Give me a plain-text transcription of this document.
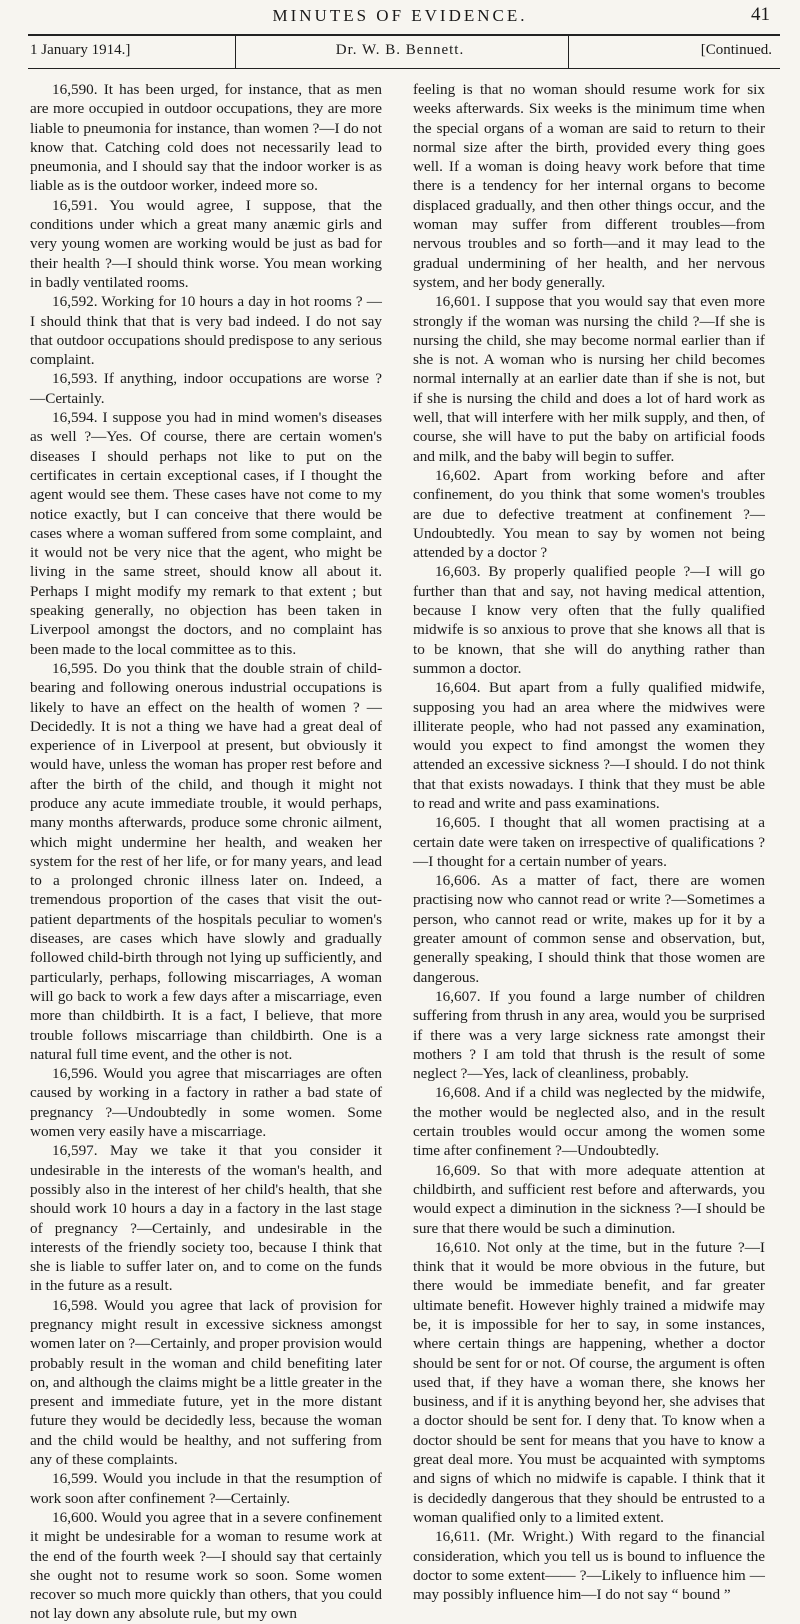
MINUTES OF EVIDENCE.	41
1 January 1914.]	Dr. W. B. Bennett.	[Continued.

16,590. It has been urged, for instance, that as men are more occupied in outdoor occupations, they are more liable to pneumonia for instance, than women ?—I do not know that. Catching cold does not necessarily lead to pneumonia, and I should say that the indoor worker is as liable as is the outdoor worker, indeed more so.

16,591. You would agree, I suppose, that the conditions under which a great many anæmic girls and very young women are working would be just as bad for their health ?—I should think worse. You mean working in badly ventilated rooms.

16,592. Working for 10 hours a day in hot rooms ? —I should think that that is very bad indeed. I do not say that outdoor occupations should predispose to any serious complaint.

16,593. If anything, indoor occupations are worse ? —Certainly.

16,594. I suppose you had in mind women's diseases as well ?—Yes. Of course, there are certain women's diseases I should perhaps not like to put on the certificates in certain exceptional cases, if I thought the agent would see them. These cases have not come to my notice exactly, but I can conceive that there would be cases where a woman suffered from some complaint, and it would not be very nice that the agent, who might be living in the same street, should know all about it. Perhaps I might modify my remark to that extent ; but speaking generally, no objection has been taken in Liverpool amongst the doctors, and no complaint has been made to the local committee as to this.

16,595. Do you think that the double strain of child-bearing and following onerous industrial occupations is likely to have an effect on the health of women ? —Decidedly. It is not a thing we have had a great deal of experience of in Liverpool at present, but obviously it would have, unless the woman has proper rest before and after the birth of the child, and though it might not produce any acute immediate trouble, it would perhaps, many months afterwards, produce some chronic ailment, which might undermine her health, and weaken her system for the rest of her life, or for many years, and lead to a prolonged chronic illness later on. Indeed, a tremendous proportion of the cases that visit the out-patient departments of the hospitals peculiar to women's diseases, are cases which have slowly and gradually followed child-birth through not lying up sufficiently, and particularly, perhaps, following miscarriages, A woman will go back to work a few days after a miscarriage, even more than childbirth. It is a fact, I believe, that more trouble follows miscarriage than childbirth. One is a natural full time event, and the other is not.

16,596. Would you agree that miscarriages are often caused by working in a factory in rather a bad state of pregnancy ?—Undoubtedly in some women. Some women very easily have a miscarriage.

16,597. May we take it that you consider it undesirable in the interests of the woman's health, and possibly also in the interest of her child's health, that she should work 10 hours a day in a factory in the last stage of pregnancy ?—Certainly, and undesirable in the interests of the friendly society too, because I think that she is liable to suffer later on, and to come on the funds in the future as a result.

16,598. Would you agree that lack of provision for pregnancy might result in excessive sickness amongst women later on ?—Certainly, and proper provision would probably result in the woman and child benefiting later on, and although the claims might be a little greater in the present and immediate future, yet in the more distant future they would be decidedly less, because the woman and the child would be healthy, and not suffering from any of these complaints.

16,599. Would you include in that the resumption of work soon after confinement ?—Certainly.

16,600. Would you agree that in a severe confinement it might be undesirable for a woman to resume work at the end of the fourth week ?—I should say that certainly she ought not to resume work so soon. Some women recover so much more quickly than others, that you could not lay down any absolute rule, but my own

feeling is that no woman should resume work for six weeks afterwards. Six weeks is the minimum time when the special organs of a woman are said to return to their normal size after the birth, provided every thing goes well. If a woman is doing heavy work before that time there is a tendency for her internal organs to become displaced gradually, and then other things occur, and the woman may suffer from different troubles—from nervous troubles and so forth—and it may lead to the gradual undermining of her health, and her nervous system, and her body generally.

16,601. I suppose that you would say that even more strongly if the woman was nursing the child ?—If she is nursing the child, she may become normal earlier than if she is not. A woman who is nursing her child becomes normal internally at an earlier date than if she is not, but if she is nursing the child and does a lot of hard work as well, that will interfere with her milk supply, and then, of course, she will have to put the baby on artificial foods and milk, and the baby will begin to suffer.

16,602. Apart from working before and after confinement, do you think that some women's troubles are due to defective treatment at confinement ?—Undoubtedly. You mean to say by women not being attended by a doctor ?

16,603. By properly qualified people ?—I will go further than that and say, not having medical attention, because I know very often that the fully qualified midwife is so anxious to prove that she knows all that is to be known, that she will do anything rather than summon a doctor.

16,604. But apart from a fully qualified midwife, supposing you had an area where the midwives were illiterate people, who had not passed any examination, would you expect to find amongst the women they attended an excessive sickness ?—I should. I do not think that that exists nowadays. I think that they must be able to read and write and pass examinations.

16,605. I thought that all women practising at a certain date were taken on irrespective of qualifications ?—I thought for a certain number of years.

16,606. As a matter of fact, there are women practising now who cannot read or write ?—Sometimes a person, who cannot read or write, makes up for it by a greater amount of common sense and observation, but, generally speaking, I should think that those women are dangerous.

16,607. If you found a large number of children suffering from thrush in any area, would you be surprised if there was a very large sickness rate amongst their mothers ? I am told that thrush is the result of some neglect ?—Yes, lack of cleanliness, probably.

16,608. And if a child was neglected by the midwife, the mother would be neglected also, and in the result certain troubles would occur among the women some time after confinement ?—Undoubtedly.

16,609. So that with more adequate attention at childbirth, and sufficient rest before and afterwards, you would expect a diminution in the sickness ?—I should be sure that there would be such a diminution.

16,610. Not only at the time, but in the future ?—I think that it would be more obvious in the future, but there would be immediate benefit, and far greater ultimate benefit. However highly trained a midwife may be, it is impossible for her to say, in some instances, where certain things are happening, whether a doctor should be sent for or not. Of course, the argument is often used that, if they have a woman there, she knows her business, and if it is anything beyond her, she advises that a doctor should be sent for. I deny that. To know when a doctor should be sent for means that you have to know a great deal more. You must be acquainted with symptoms and signs of which no midwife is capable. I think that it is decidedly dangerous that they should be entrusted to a woman qualified only to a limited extent.

16,611. (Mr. Wright.) With regard to the financial consideration, which you tell us is bound to influence the doctor to some extent—— ?—Likely to influence him —may possibly influence him—I do not say “ bound ”
